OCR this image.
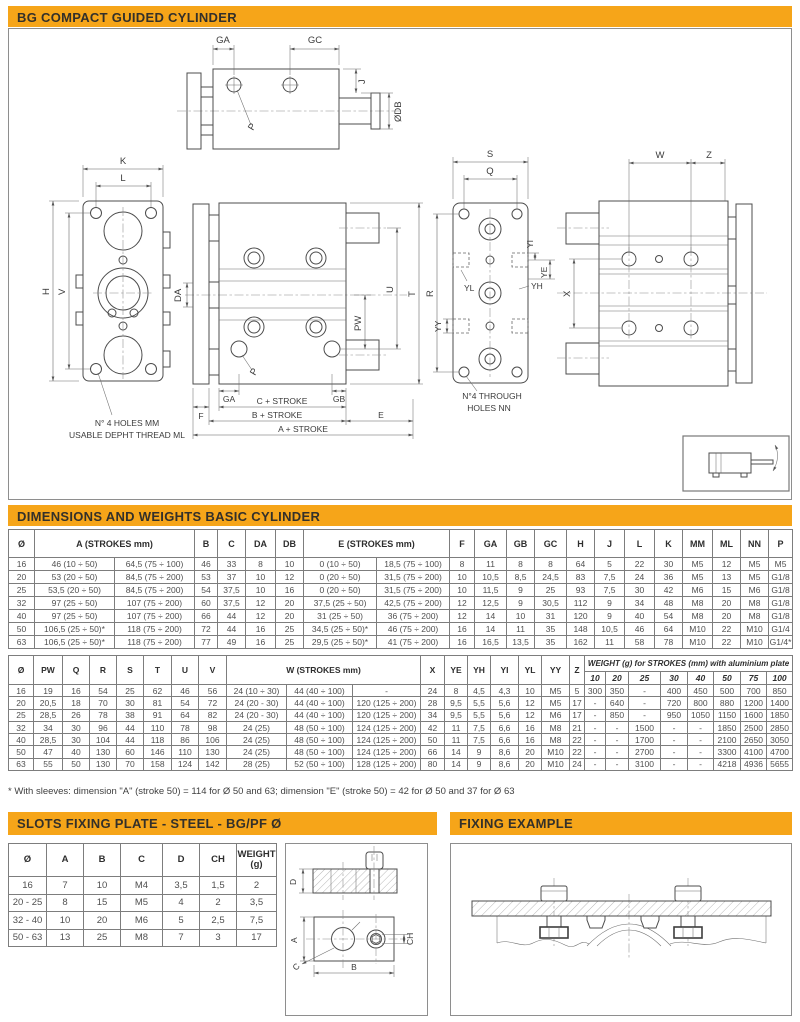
BG COMPACT GUIDED CYLINDER
GA	GC
J
ØDB
P
K
L
H V
N° 4 HOLES MM
USABLE DEPHT THREAD ML
P
DA
PW
U
T
GA	GB
F
C + STROKE
B + STROKE	E
A + STROKE
S
Q
R
YL
YY
YI
YE
YH
N°4 THROUGH
HOLES NN
W	Z
X
DIMENSIONS AND WEIGHTS BASIC CYLINDER
Ø	A (STROKES mm)		B	C	DA	DB	E (STROKES mm)		F	GA	GB	GC	H	J	L	K	MM	ML	NN	P
16	46 (10 ÷ 50)	64,5 (75 ÷ 100)	46	33	8	10	0 (10 ÷ 50)	18,5 (75 ÷ 100)	8	11	8	8	64	5	22	30	M5	12	M5	M5
20	53 (20 ÷ 50)	84,5 (75 ÷ 200)	53	37	10	12	0 (20 ÷ 50)	31,5 (75 ÷ 200)	10	10,5	8,5	24,5	83	7,5	24	36	M5	13	M5	G1/8
25	53,5 (20 ÷ 50)	84,5 (75 ÷ 200)	54	37,5	10	16	0 (20 ÷ 50)	31,5 (75 ÷ 200)	10	11,5	9	25	93	7,5	30	42	M6	15	M6	G1/8
32	97 (25 ÷ 50)	107 (75 ÷ 200)	60	37,5	12	20	37,5 (25 ÷ 50)	42,5 (75 ÷ 200)	12	12,5	9	30,5	112	9	34	48	M8	20	M8	G1/8
40	97 (25 ÷ 50)	107 (75 ÷ 200)	66	44	12	20	31 (25 ÷ 50)	36 (75 ÷ 200)	12	14	10	31	120	9	40	54	M8	20	M8	G1/8
50	106,5 (25 ÷ 50)*	118 (75 ÷ 200)	72	44	16	25	34,5 (25 ÷ 50)*	46 (75 ÷ 200)	16	14	11	35	148	10,5	46	64	M10	22	M10	G1/4
63	106,5 (25 ÷ 50)*	118 (75 ÷ 200)	77	49	16	25	29,5 (25 ÷ 50)*	41 (75 ÷ 200)	16	16,5	13,5	35	162	11	58	78	M10	22	M10	G1/4*
Ø	PW	Q	R	S	T	U	V	W (STROKES mm)			X	YE	YH	YI	YL	YY	Z	WEIGHT (g) for STROKES (mm) with aluminium plate							
																		10	20	25	30	40	50	75	100
16	19	16	54	25	62	46	56	24 (10 ÷ 30)	44 (40 ÷ 100)	-	24	8	4,5	4,3	10	M5	5	300	350	-	400	450	500	700	850
20	20,5	18	70	30	81	54	72	24 (20 - 30)	44 (40 ÷ 100)	120 (125 ÷ 200)	28	9,5	5,5	5,6	12	M5	17	-	640	-	720	800	880	1200	1400
25	28,5	26	78	38	91	64	82	24 (20 - 30)	44 (40 ÷ 100)	120 (125 ÷ 200)	34	9,5	5,5	5,6	12	M6	17	-	850	-	950	1050	1150	1600	1850
32	34	30	96	44	110	78	98	24 (25)	48 (50 ÷ 100)	124 (125 ÷ 200)	42	11	7,5	6,6	16	M8	21	-	-	1500	-	-	1850	2500	2850
40	28,5	30	104	44	118	86	106	24 (25)	48 (50 ÷ 100)	124 (125 ÷ 200)	50	11	7,5	6,6	16	M8	22	-	-	1700	-	-	2100	2650	3050
50	47	40	130	60	146	110	130	24 (25)	48 (50 ÷ 100)	124 (125 ÷ 200)	66	14	9	8,6	20	M10	22	-	-	2700	-	-	3300	4100	4700
63	55	50	130	70	158	124	142	28 (25)	52 (50 ÷ 100)	128 (125 ÷ 200)	80	14	9	8,6	20	M10	24	-	-	3100	-	-	4218	4936	5655
* With sleeves: dimension "A" (stroke 50) = 114 for Ø 50 and 63; dimension "E" (stroke 50) = 42 for Ø 50 and 37 for Ø 63
SLOTS FIXING PLATE - STEEL - BG/PF Ø	FIXING EXAMPLE
Ø	A	B	C	D	CH	WEIGHT (g)
16	7	10	M4	3,5	1,5	2
20 - 25	8	15	M5	4	2	3,5
32 - 40	10	20	M6	5	2,5	7,5
50 - 63	13	25	M8	7	3	17
D
C
A
B
CH
